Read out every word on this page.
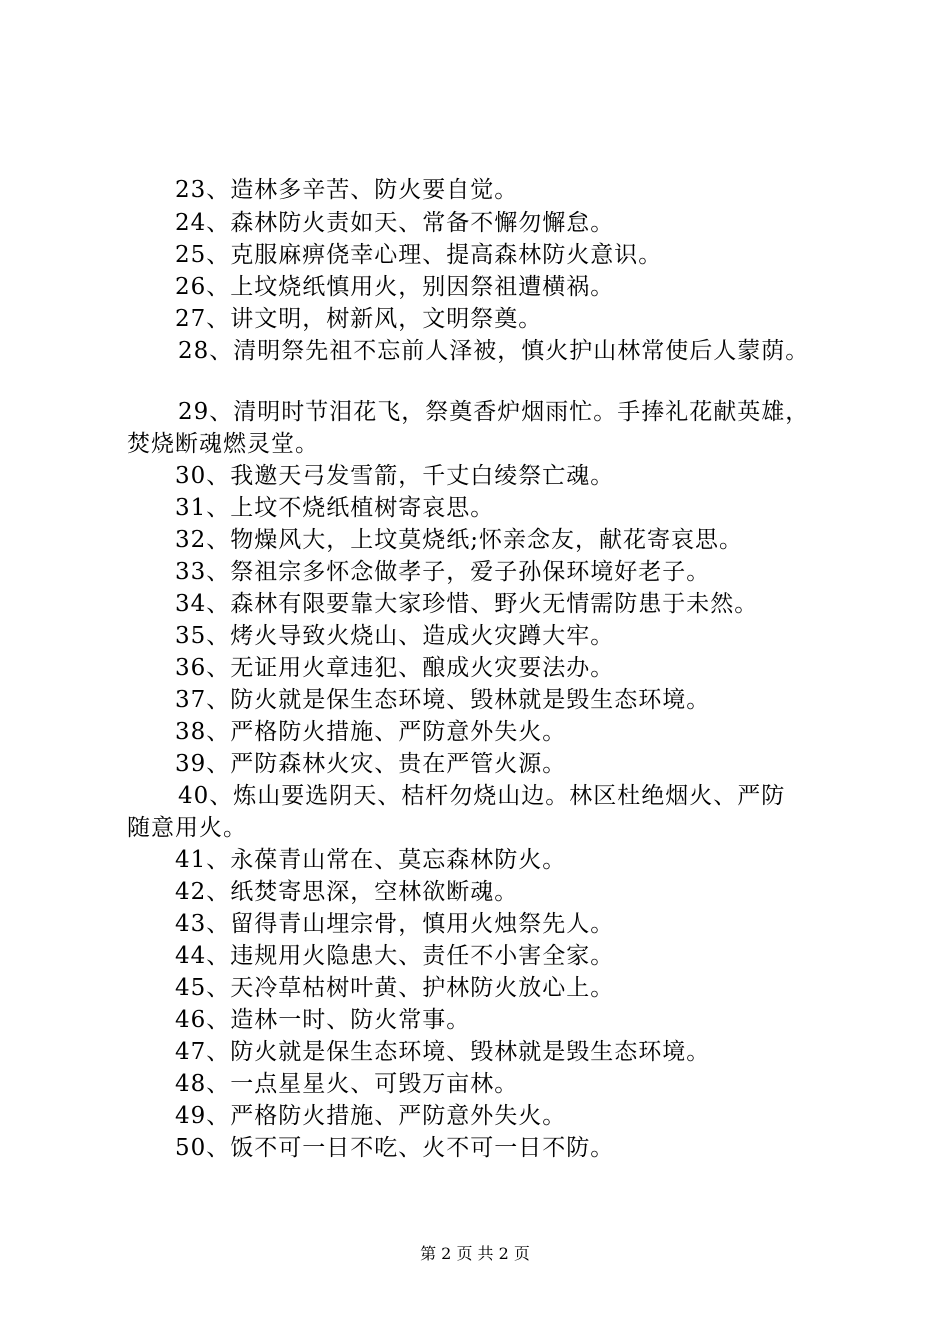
23、造林多辛苦、防火要自觉。
24、森林防火责如天、常备不懈勿懈怠。
25、克服麻痹侥幸心理、提高森林防火意识。
26、上坟烧纸慎用火，别因祭祖遭横祸。
27、讲文明，树新风，文明祭奠。
28、清明祭先祖不忘前人泽被，慎火护山林常使后人蒙荫。
29、清明时节泪花飞，祭奠香炉烟雨忙。手捧礼花献英雄，
焚烧断魂燃灵堂。
30、我邀天弓发雪箭，千丈白绫祭亡魂。
31、上坟不烧纸植树寄哀思。
32、物燥风大，上坟莫烧纸;怀亲念友，献花寄哀思。
33、祭祖宗多怀念做孝子，爱子孙保环境好老子。
34、森林有限要靠大家珍惜、野火无情需防患于未然。
35、烤火导致火烧山、造成火灾蹲大牢。
36、无证用火章违犯、酿成火灾要法办。
37、防火就是保生态环境、毁林就是毁生态环境。
38、严格防火措施、严防意外失火。
39、严防森林火灾、贵在严管火源。
40、炼山要选阴天、桔杆勿烧山边。林区杜绝烟火、严防
随意用火。
41、永葆青山常在、莫忘森林防火。
42、纸焚寄思深，空林欲断魂。
43、留得青山埋宗骨，慎用火烛祭先人。
44、违规用火隐患大、责任不小害全家。
45、天冷草枯树叶黄、护林防火放心上。
46、造林一时、防火常事。
47、防火就是保生态环境、毁林就是毁生态环境。
48、一点星星火、可毁万亩林。
49、严格防火措施、严防意外失火。
50、饭不可一日不吃、火不可一日不防。
第 2 页 共 2 页
